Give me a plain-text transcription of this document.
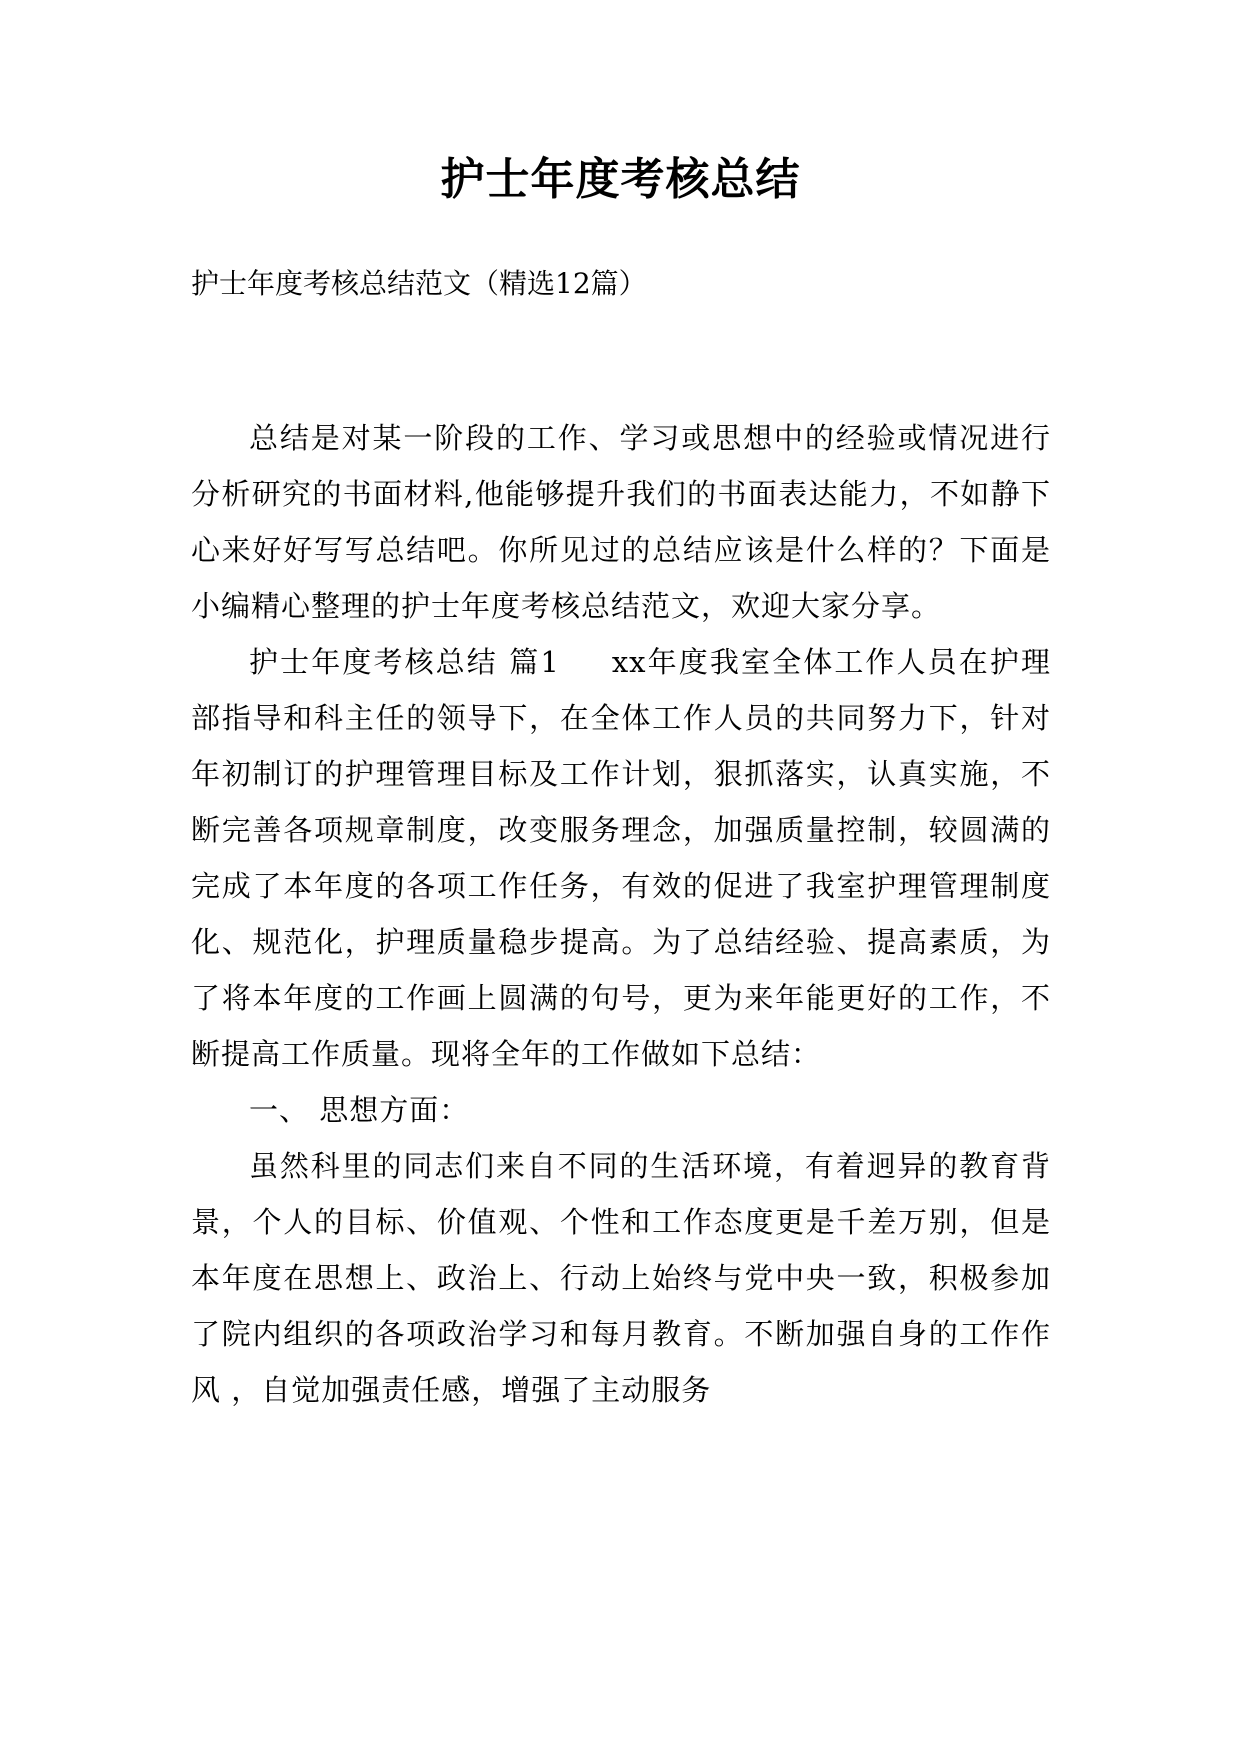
护士年度考核总结
护士年度考核总结范文（精选12篇）

总结是对某一阶段的工作、学习或思想中的经验或情况进行分析研究的书面材料,他能够提升我们的书面表达能力，不如静下心来好好写写总结吧。你所见过的总结应该是什么样的？下面是小编精心整理的护士年度考核总结范文，欢迎大家分享。

护士年度考核总结 篇1 xx年度我室全体工作人员在护理部指导和科主任的领导下，在全体工作人员的共同努力下，针对年初制订的护理管理目标及工作计划，狠抓落实，认真实施，不断完善各项规章制度，改变服务理念，加强质量控制，较圆满的完成了本年度的各项工作任务，有效的促进了我室护理管理制度化、规范化，护理质量稳步提高。为了总结经验、提高素质，为了将本年度的工作画上圆满的句号，更为来年能更好的工作，不断提高工作质量。现将全年的工作做如下总结：

一、 思想方面：

虽然科里的同志们来自不同的生活环境，有着迥异的教育背景，个人的目标、价值观、个性和工作态度更是千差万别，但是本年度在思想上、政治上、行动上始终与党中央一致，积极参加了院内组织的各项政治学习和每月教育。不断加强自身的工作作风 ，自觉加强责任感，增强了主动服务
